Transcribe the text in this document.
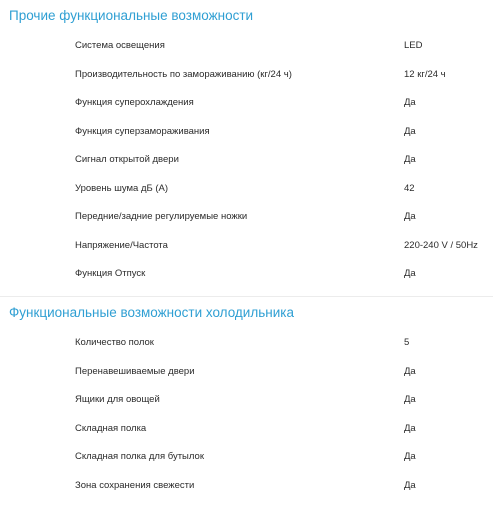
Прочие функциональные возможности
Система освещения	LED
Производительность по замораживанию (кг/24 ч)	12 кг/24 ч
Функция суперохлаждения	Да
Функция суперзамораживания	Да
Сигнал открытой двери	Да
Уровень шума дБ (A)	42
Передние/задние регулируемые ножки	Да
Напряжение/Частота	220-240 V / 50Hz
Функция Отпуск	Да
Функциональные возможности холодильника
Количество полок	5
Перенавешиваемые двери	Да
Ящики для овощей	Да
Складная полка	Да
Складная полка для бутылок	Да
Зона сохранения свежести	Да
